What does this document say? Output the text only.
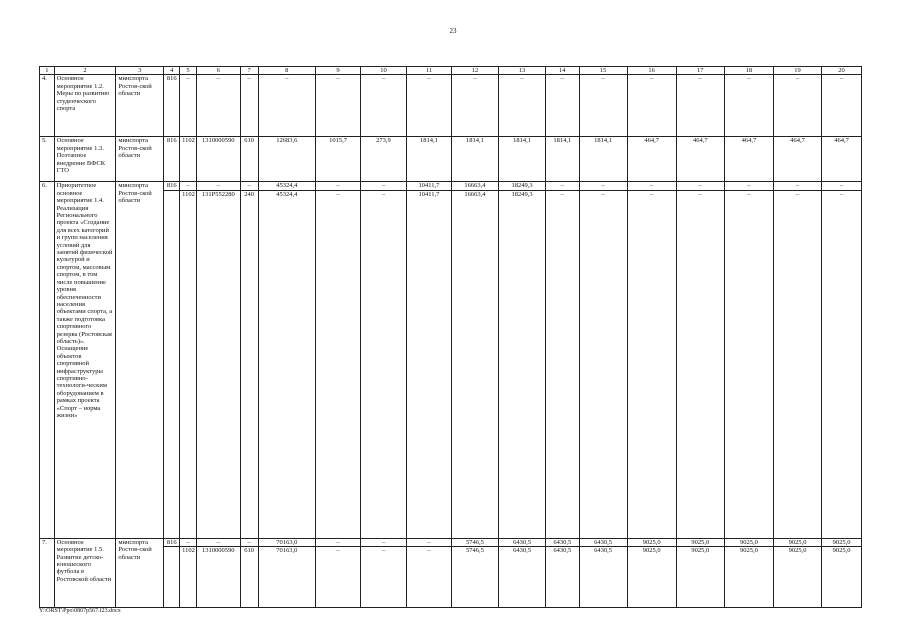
23
1	2	3	4	5	6	7	8	9	10	11	12	13	14	15	16	17	18	19	20
4.	Основное мероприятие 1.2. Меры по развитию студенческого спорта	минспорта Ростов-ской области	816	–	–	–	–	–	–	–	–	–	–	–	–	–	–	–	–
5.	Основное мероприятие 1.3. Поэтапное внедрение ВФСК ГТО	минспорта Ростов-ской области	816	1102	1310000590	610	12683,6	1015,7	273,9	1814,1	1814,1	1814,1	1814,1	1814,1	464,7	464,7	464,7	464,7	464,7
6.	Приоритетное основное мероприятие 1.4. Реализация Регионального проекта «Создание для всех категорий и групп населения условий для занятий физической культурой и спортом, массовым спортом, в том числе повышение уровня обеспеченности населения объектами спорта, а также подготовка спортивного резерва (Ростовская область)». Оснащение объектов спортивной инфраструктуры спортивно-технологи-ческим оборудованием в рамках проекта «Спорт – норма жизни»	минспорта Ростов-ской области	816	–	–	–	45324,4	–	–	10411,7	16663,4	18249,3	–	–	–	–	–	–	–
				1102	131P552280	240	45324,4	–	–	10411,7	16663,4	18249,3	–	–	–	–	–	–	–
7.	Основное мероприятие 1.5. Развитие детско-юношеского футбола в Ростовской области	минспорта Ростов-ской области	816	–	–	–	70163,0	–	–	–	5746,5	6430,5	6430,5	6430,5	9025,0	9025,0	9025,0	9025,0	9025,0
				1102	1310000590	610	70163,0	–	–	–	5746,5	6430,5	6430,5	6430,5	9025,0	9025,0	9025,0	9025,0	9025,0
Y:\ORST\Ppo\0807p567.f23.docx
